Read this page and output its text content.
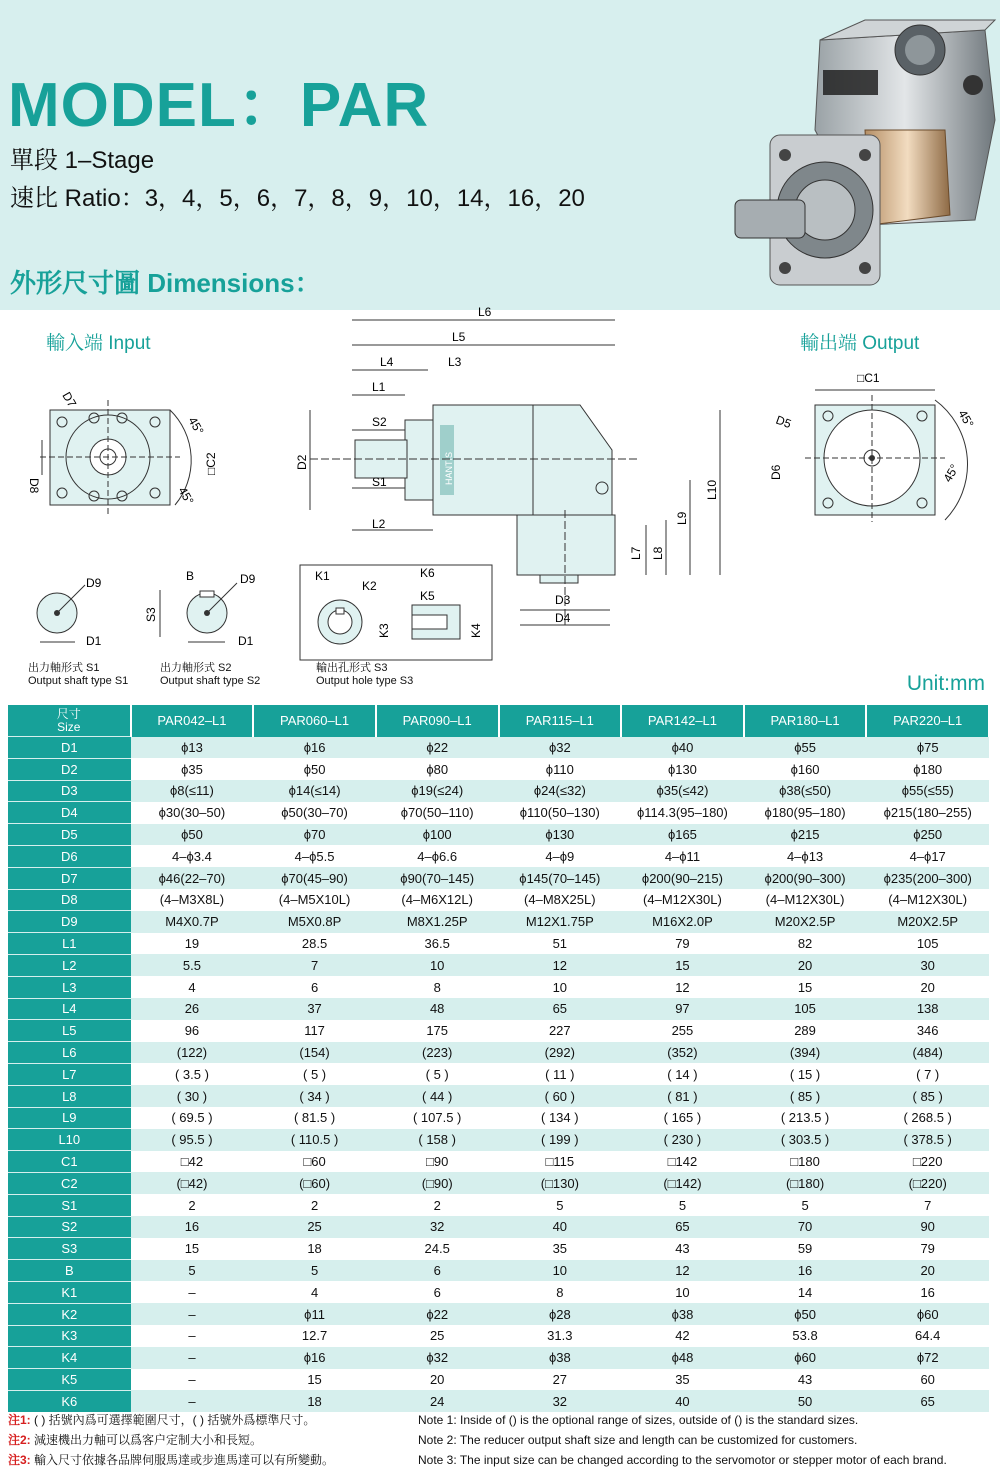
MODEL：PAR
單段 1–Stage
速比 Ratio：3，4，5，6，7，8，9，10，14，16，20
外形尺寸圖 Dimensions：
輸入端 Input	輸出端 Output
D7
D8
45°
45°
□C2	HANTIS
L6
L5
L4	L3
L1
S2
S1
L2
D2
D3
D4
L7 L8
L9
L10
□C1
D5
D6
45°
45°
D9
D1
B	D9
S3
D1
K1
K2
K3
K6
K5
K4
出力軸形式 S1
Output shaft type S1
出力軸形式 S2
Output shaft type S2
輸出孔形式 S3
Output hole type S3	Unit:mm
尺寸
Size	PAR042–L1	PAR060–L1	PAR090–L1	PAR115–L1	PAR142–L1	PAR180–L1	PAR220–L1
D1	ϕ13	ϕ16	ϕ22	ϕ32	ϕ40	ϕ55	ϕ75
D2	ϕ35	ϕ50	ϕ80	ϕ110	ϕ130	ϕ160	ϕ180
D3	ϕ8(≤11)	ϕ14(≤14)	ϕ19(≤24)	ϕ24(≤32)	ϕ35(≤42)	ϕ38(≤50)	ϕ55(≤55)
D4	ϕ30(30–50)	ϕ50(30–70)	ϕ70(50–110)	ϕ110(50–130)	ϕ114.3(95–180)	ϕ180(95–180)	ϕ215(180–255)
D5	ϕ50	ϕ70	ϕ100	ϕ130	ϕ165	ϕ215	ϕ250
D6	4–ϕ3.4	4–ϕ5.5	4–ϕ6.6	4–ϕ9	4–ϕ11	4–ϕ13	4–ϕ17
D7	ϕ46(22–70)	ϕ70(45–90)	ϕ90(70–145)	ϕ145(70–145)	ϕ200(90–215)	ϕ200(90–300)	ϕ235(200–300)
D8	(4–M3X8L)	(4–M5X10L)	(4–M6X12L)	(4–M8X25L)	(4–M12X30L)	(4–M12X30L)	(4–M12X30L)
D9	M4X0.7P	M5X0.8P	M8X1.25P	M12X1.75P	M16X2.0P	M20X2.5P	M20X2.5P
L1	19	28.5	36.5	51	79	82	105
L2	5.5	7	10	12	15	20	30
L3	4	6	8	10	12	15	20
L4	26	37	48	65	97	105	138
L5	96	117	175	227	255	289	346
L6	(122)	(154)	(223)	(292)	(352)	(394)	(484)
L7	( 3.5 )	( 5 )	( 5 )	( 11 )	( 14 )	( 15 )	( 7 )
L8	( 30 )	( 34 )	( 44 )	( 60 )	( 81 )	( 85 )	( 85 )
L9	( 69.5 )	( 81.5 )	( 107.5 )	( 134 )	( 165 )	( 213.5 )	( 268.5 )
L10	( 95.5 )	( 110.5 )	( 158 )	( 199 )	( 230 )	( 303.5 )	( 378.5 )
C1	□42	□60	□90	□115	□142	□180	□220
C2	(□42)	(□60)	(□90)	(□130)	(□142)	(□180)	(□220)
S1	2	2	2	5	5	5	7
S2	16	25	32	40	65	70	90
S3	15	18	24.5	35	43	59	79
B	5	5	6	10	12	16	20
K1	–	4	6	8	10	14	16
K2	–	ϕ11	ϕ22	ϕ28	ϕ38	ϕ50	ϕ60
K3	–	12.7	25	31.3	42	53.8	64.4
K4	–	ϕ16	ϕ32	ϕ38	ϕ48	ϕ60	ϕ72
K5	–	15	20	27	35	43	60
K6	–	18	24	32	40	50	65
注1: ( ) 括號內爲可選擇範圍尺寸，( ) 括號外爲標準尺寸。
注2: 減速機出力軸可以爲客户定制大小和長短。
注3: 輸入尺寸依據各品牌伺服馬達或步進馬達可以有所變動。
Note 1: Inside of () is the optional range of sizes, outside of () is the standard sizes.
Note 2: The reducer output shaft size and length can be customized for customers.
Note 3: The input size can be changed according to the servomotor or stepper motor of each brand.
